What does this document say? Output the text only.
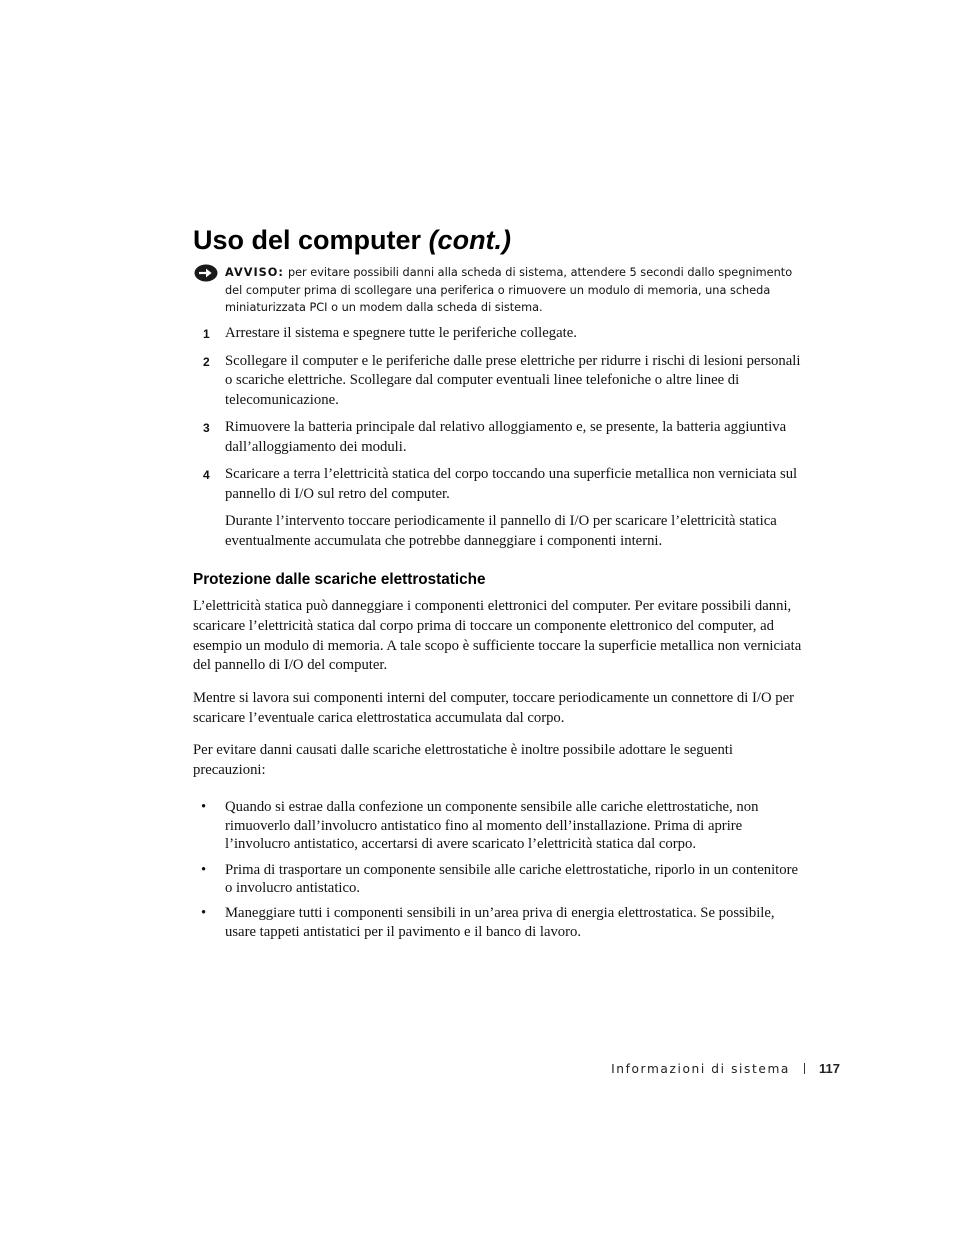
Uso del computer (cont.)
AVVISO: per evitare possibili danni alla scheda di sistema, attendere 5 secondi dallo spegnimento del computer prima di scollegare una periferica o rimuovere un modulo di memoria, una scheda miniaturizzata PCI o un modem dalla scheda di sistema.
1 Arrestare il sistema e spegnere tutte le periferiche collegate.
2 Scollegare il computer e le periferiche dalle prese elettriche per ridurre i rischi di lesioni personali o scariche elettriche. Scollegare dal computer eventuali linee telefoniche o altre linee di telecomunicazione.
3 Rimuovere la batteria principale dal relativo alloggiamento e, se presente, la batteria aggiuntiva dall’alloggiamento dei moduli.
4 Scaricare a terra l’elettricità statica del corpo toccando una superficie metallica non verniciata sul pannello di I/O sul retro del computer.
Durante l’intervento toccare periodicamente il pannello di I/O per scaricare l’elettricità statica eventualmente accumulata che potrebbe danneggiare i componenti interni.
Protezione dalle scariche elettrostatiche

L’elettricità statica può danneggiare i componenti elettronici del computer. Per evitare possibili danni, scaricare l’elettricità statica dal corpo prima di toccare un componente elettronico del computer, ad esempio un modulo di memoria. A tale scopo è sufficiente toccare la superficie metallica non verniciata del pannello di I/O del computer.

Mentre si lavora sui componenti interni del computer, toccare periodicamente un connettore di I/O per scaricare l’eventuale carica elettrostatica accumulata dal corpo.

Per evitare danni causati dalle scariche elettrostatiche è inoltre possibile adottare le seguenti precauzioni:

• Quando si estrae dalla confezione un componente sensibile alle cariche elettrostatiche, non rimuoverlo dall’involucro antistatico fino al momento dell’installazione. Prima di aprire l’involucro antistatico, accertarsi di avere scaricato l’elettricità statica dal corpo.
• Prima di trasportare un componente sensibile alle cariche elettrostatiche, riporlo in un contenitore o involucro antistatico.
• Maneggiare tutti i componenti sensibili in un’area priva di energia elettrostatica. Se possibile, usare tappeti antistatici per il pavimento e il banco di lavoro.
Informazioni di sistema 117
